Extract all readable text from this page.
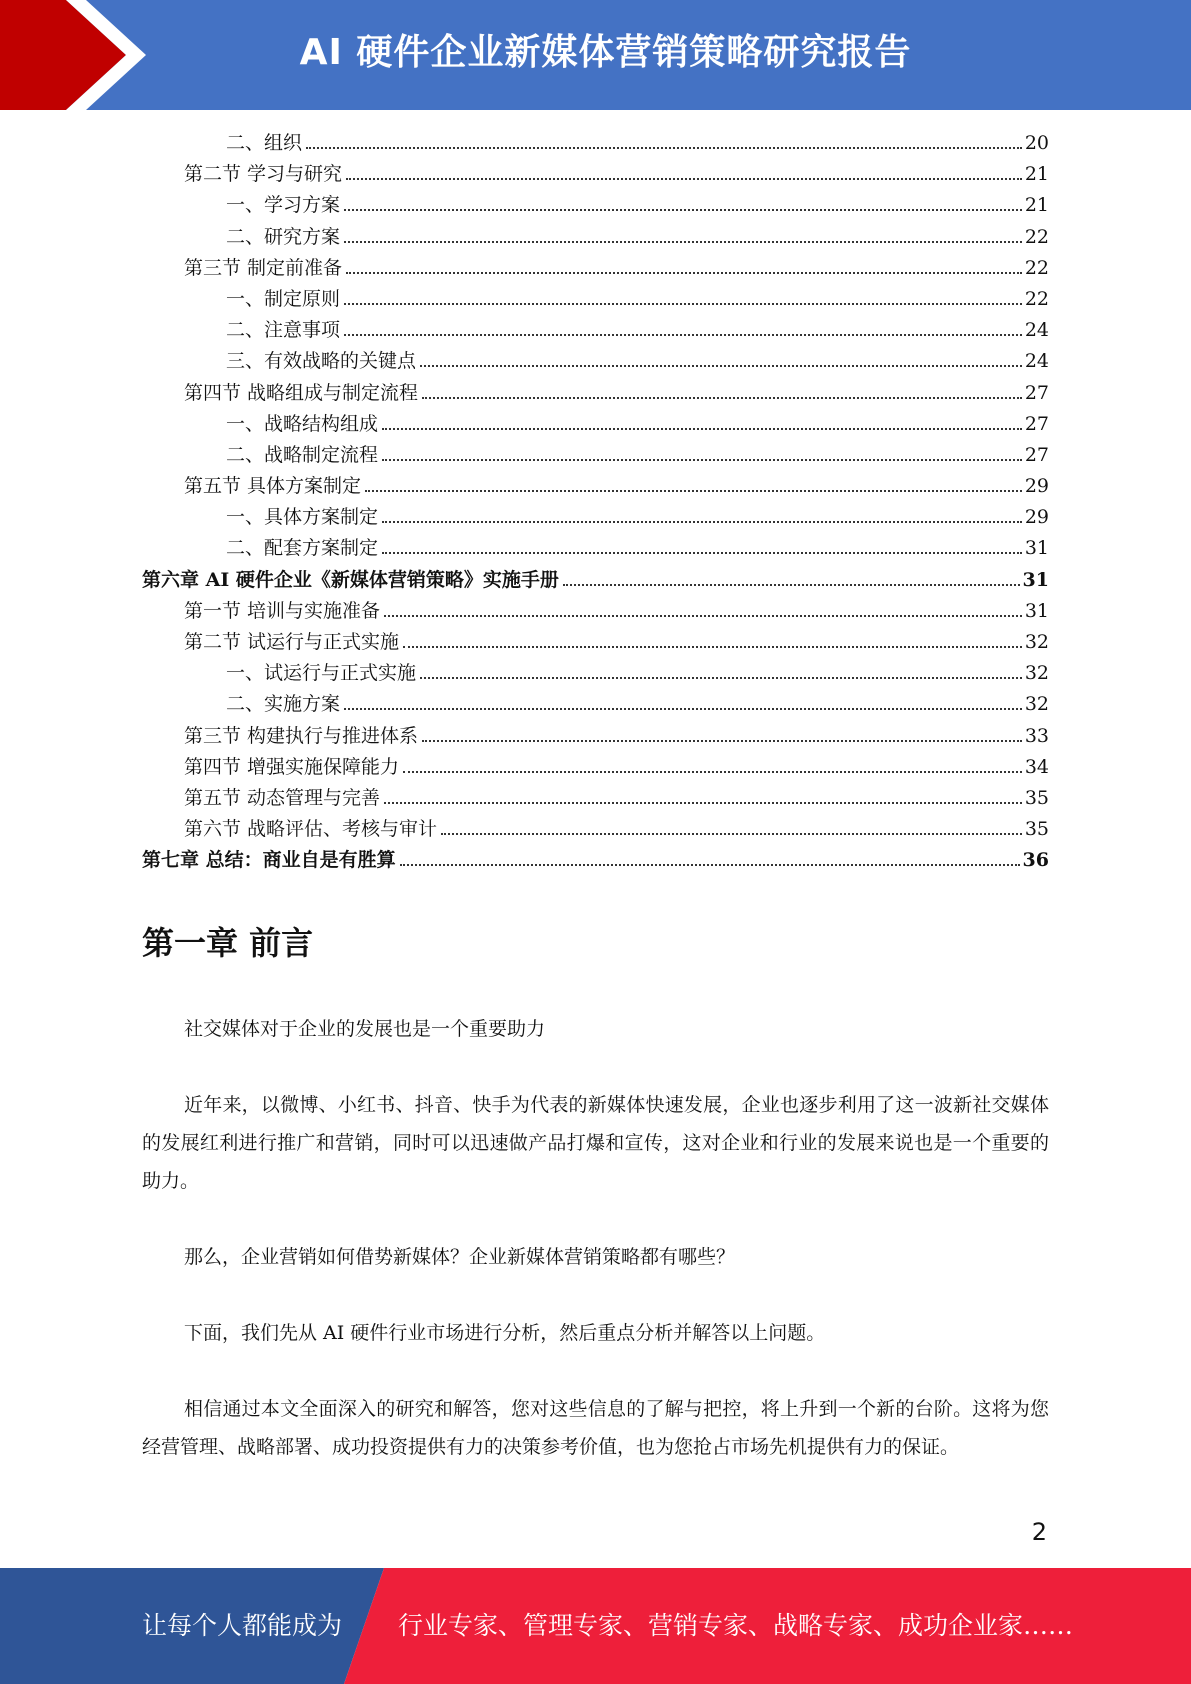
AI 硬件企业新媒体营销策略研究报告
二、组织	20
第二节 学习与研究	21
一、学习方案	21
二、研究方案	22
第三节 制定前准备	22
一、制定原则	22
二、注意事项	24
三、有效战略的关键点	24
第四节 战略组成与制定流程	27
一、战略结构组成	27
二、战略制定流程	27
第五节 具体方案制定	29
一、具体方案制定	29
二、配套方案制定	31
第六章 AI 硬件企业《新媒体营销策略》实施手册	31
第一节 培训与实施准备	31
第二节 试运行与正式实施	32
一、试运行与正式实施	32
二、实施方案	32
第三节 构建执行与推进体系	33
第四节 增强实施保障能力	34
第五节 动态管理与完善	35
第六节 战略评估、考核与审计	35
第七章 总结：商业自是有胜算	36
第一章 前言

社交媒体对于企业的发展也是一个重要助力

近年来，以微博、小红书、抖音、快手为代表的新媒体快速发展，企业也逐步利用了这一波新社交媒体的发展红利进行推广和营销，同时可以迅速做产品打爆和宣传，这对企业和行业的发展来说也是一个重要的助力。

那么，企业营销如何借势新媒体？企业新媒体营销策略都有哪些？

下面，我们先从 AI 硬件行业市场进行分析，然后重点分析并解答以上问题。

相信通过本文全面深入的研究和解答，您对这些信息的了解与把控，将上升到一个新的台阶。这将为您经营管理、战略部署、成功投资提供有力的决策参考价值，也为您抢占市场先机提供有力的保证。

2
让每个人都能成为 行业专家、管理专家、营销专家、战略专家、成功企业家……
